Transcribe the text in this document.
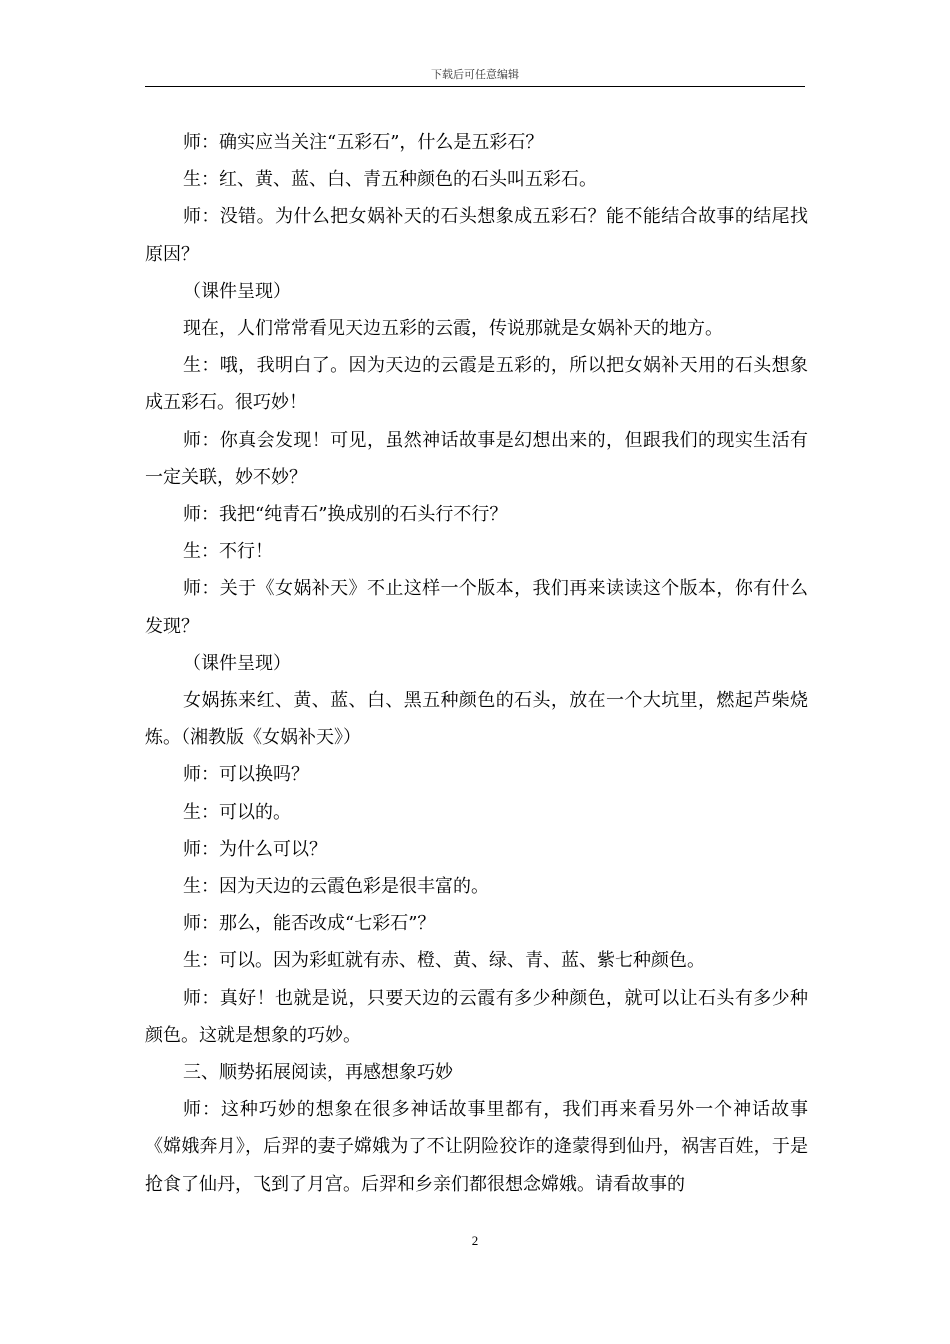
下载后可任意编辑

师：确实应当关注“五彩石”，什么是五彩石？

生：红、黄、蓝、白、青五种颜色的石头叫五彩石。

师：没错。为什么把女娲补天的石头想象成五彩石？能不能结合故事的结尾找原因？

（课件呈现）

现在，人们常常看见天边五彩的云霞，传说那就是女娲补天的地方。

生：哦，我明白了。因为天边的云霞是五彩的，所以把女娲补天用的石头想象成五彩石。很巧妙！

师：你真会发现！可见，虽然神话故事是幻想出来的，但跟我们的现实生活有一定关联，妙不妙？

师：我把“纯青石”换成别的石头行不行？

生：不行！

师：关于《女娲补天》不止这样一个版本，我们再来读读这个版本，你有什么发现？

（课件呈现）

女娲拣来红、黄、蓝、白、黑五种颜色的石头，放在一个大坑里，燃起芦柴烧炼。（湘教版《女娲补天》）

师：可以换吗？

生：可以的。

师：为什么可以？

生：因为天边的云霞色彩是很丰富的。

师：那么，能否改成“七彩石”？

生：可以。因为彩虹就有赤、橙、黄、绿、青、蓝、紫七种颜色。

师：真好！也就是说，只要天边的云霞有多少种颜色，就可以让石头有多少种颜色。这就是想象的巧妙。

三、顺势拓展阅读，再感想象巧妙

师：这种巧妙的想象在很多神话故事里都有，我们再来看另外一个神话故事《嫦娥奔月》，后羿的妻子嫦娥为了不让阴险狡诈的逄蒙得到仙丹，祸害百姓，于是抢食了仙丹，飞到了月宫。后羿和乡亲们都很想念嫦娥。请看故事的

2
